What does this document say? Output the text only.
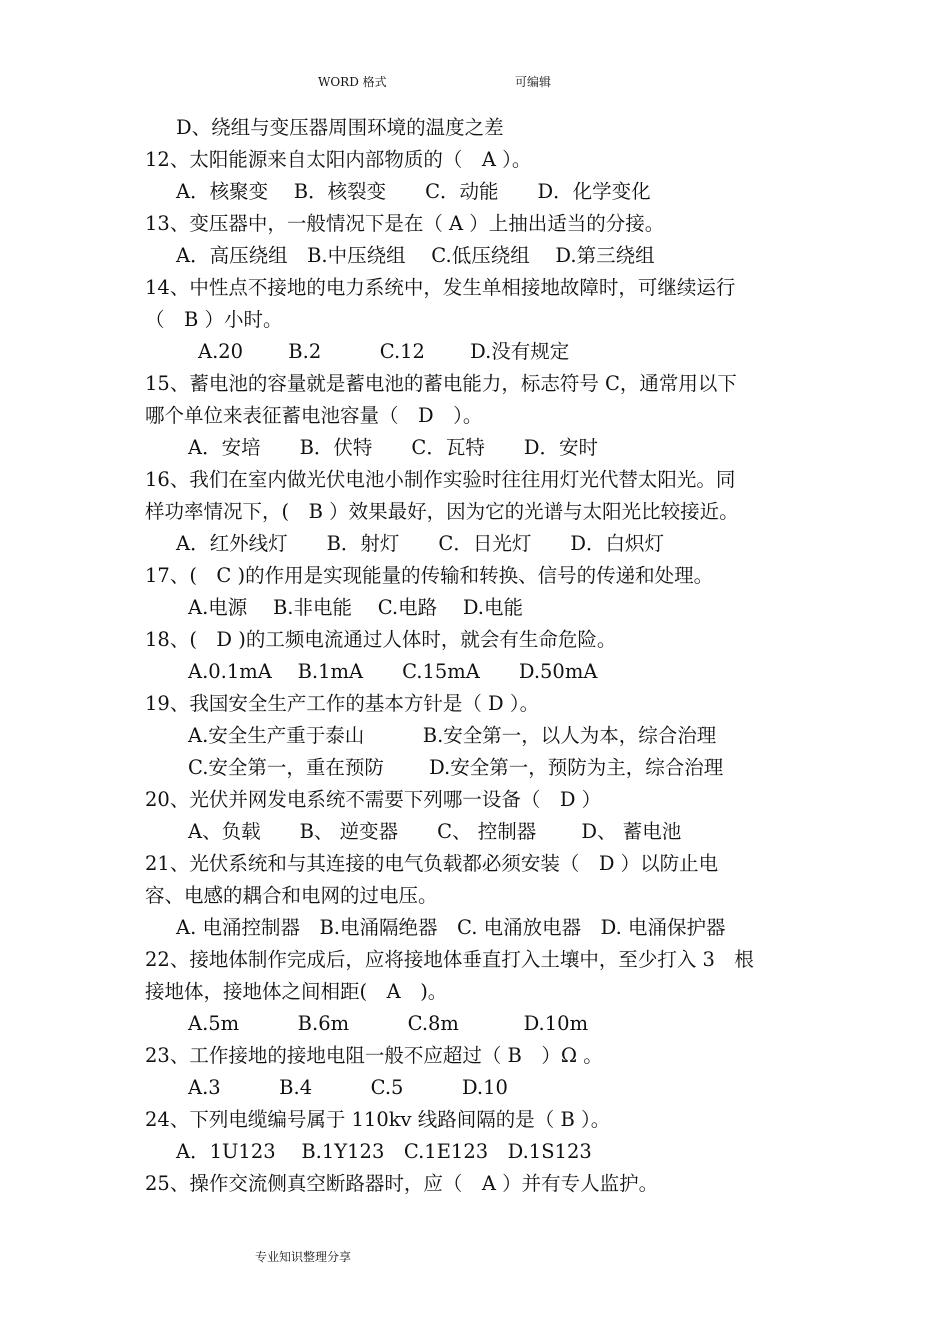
WORD 格式	可编辑
D、绕组与变压器周围环境的温度之差
12、太阳能源来自太阳内部物质的（　A ）。
A．核聚变　 B．核裂变　　C．动能　　D．化学变化
13、变压器中，一般情况下是在（ A ）上抽出适当的分接。
A．高压绕组　B.中压绕组　 C.低压绕组　 D.第三绕组
14、中性点不接地的电力系统中，发生单相接地故障时，可继续运行
（　B ）小时。
A.20　　 B.2　　　C.12　　 D.没有规定
15、蓄电池的容量就是蓄电池的蓄电能力，标志符号 C，通常用以下
哪个单位来表征蓄电池容量（　D　）。
A．安培　　B．伏特　　C．瓦特　　D．安时
16、我们在室内做光伏电池小制作实验时往往用灯光代替太阳光。同
样功率情况下，(　B ）效果最好，因为它的光谱与太阳光比较接近。
A．红外线灯　　B．射灯　　C．日光灯　　D．白炽灯
17、(　C )的作用是实现能量的传输和转换、信号的传递和处理。
A.电源　 B.非电能　 C.电路　 D.电能
18、(　D )的工频电流通过人体时，就会有生命危险。
A.0.1mA　 B.1mA　　C.15mA　　D.50mA
19、我国安全生产工作的基本方针是（ D ）。
A.安全生产重于泰山　　　B.安全第一，以人为本，综合治理
C.安全第一，重在预防　　 D.安全第一，预防为主，综合治理
20、光伏并网发电系统不需要下列哪一设备（　D ）
A、负载　　B、 逆变器　　C、 控制器　　 D、 蓄电池
21、光伏系统和与其连接的电气负载都必须安装（　D ）以防止电
容、电感的耦合和电网的过电压。
A. 电涌控制器　B.电涌隔绝器　C. 电涌放电器　D. 电涌保护器
22、接地体制作完成后，应将接地体垂直打入土壤中，至少打入 3　根
接地体，接地体之间相距(　A　)。
A.5m　　　B.6m　　　C.8m　　　 D.10m
23、工作接地的接地电阻一般不应超过（ B　）Ω 。
A.3　　　B.4　　　C.5　　　D.10
24、下列电缆编号属于 110kv 线路间隔的是（ B ）。
A．1U123　 B.1Y123　C.1E123　D.1S123
25、操作交流侧真空断路器时，应（　A ）并有专人监护。
专业知识整理分享
